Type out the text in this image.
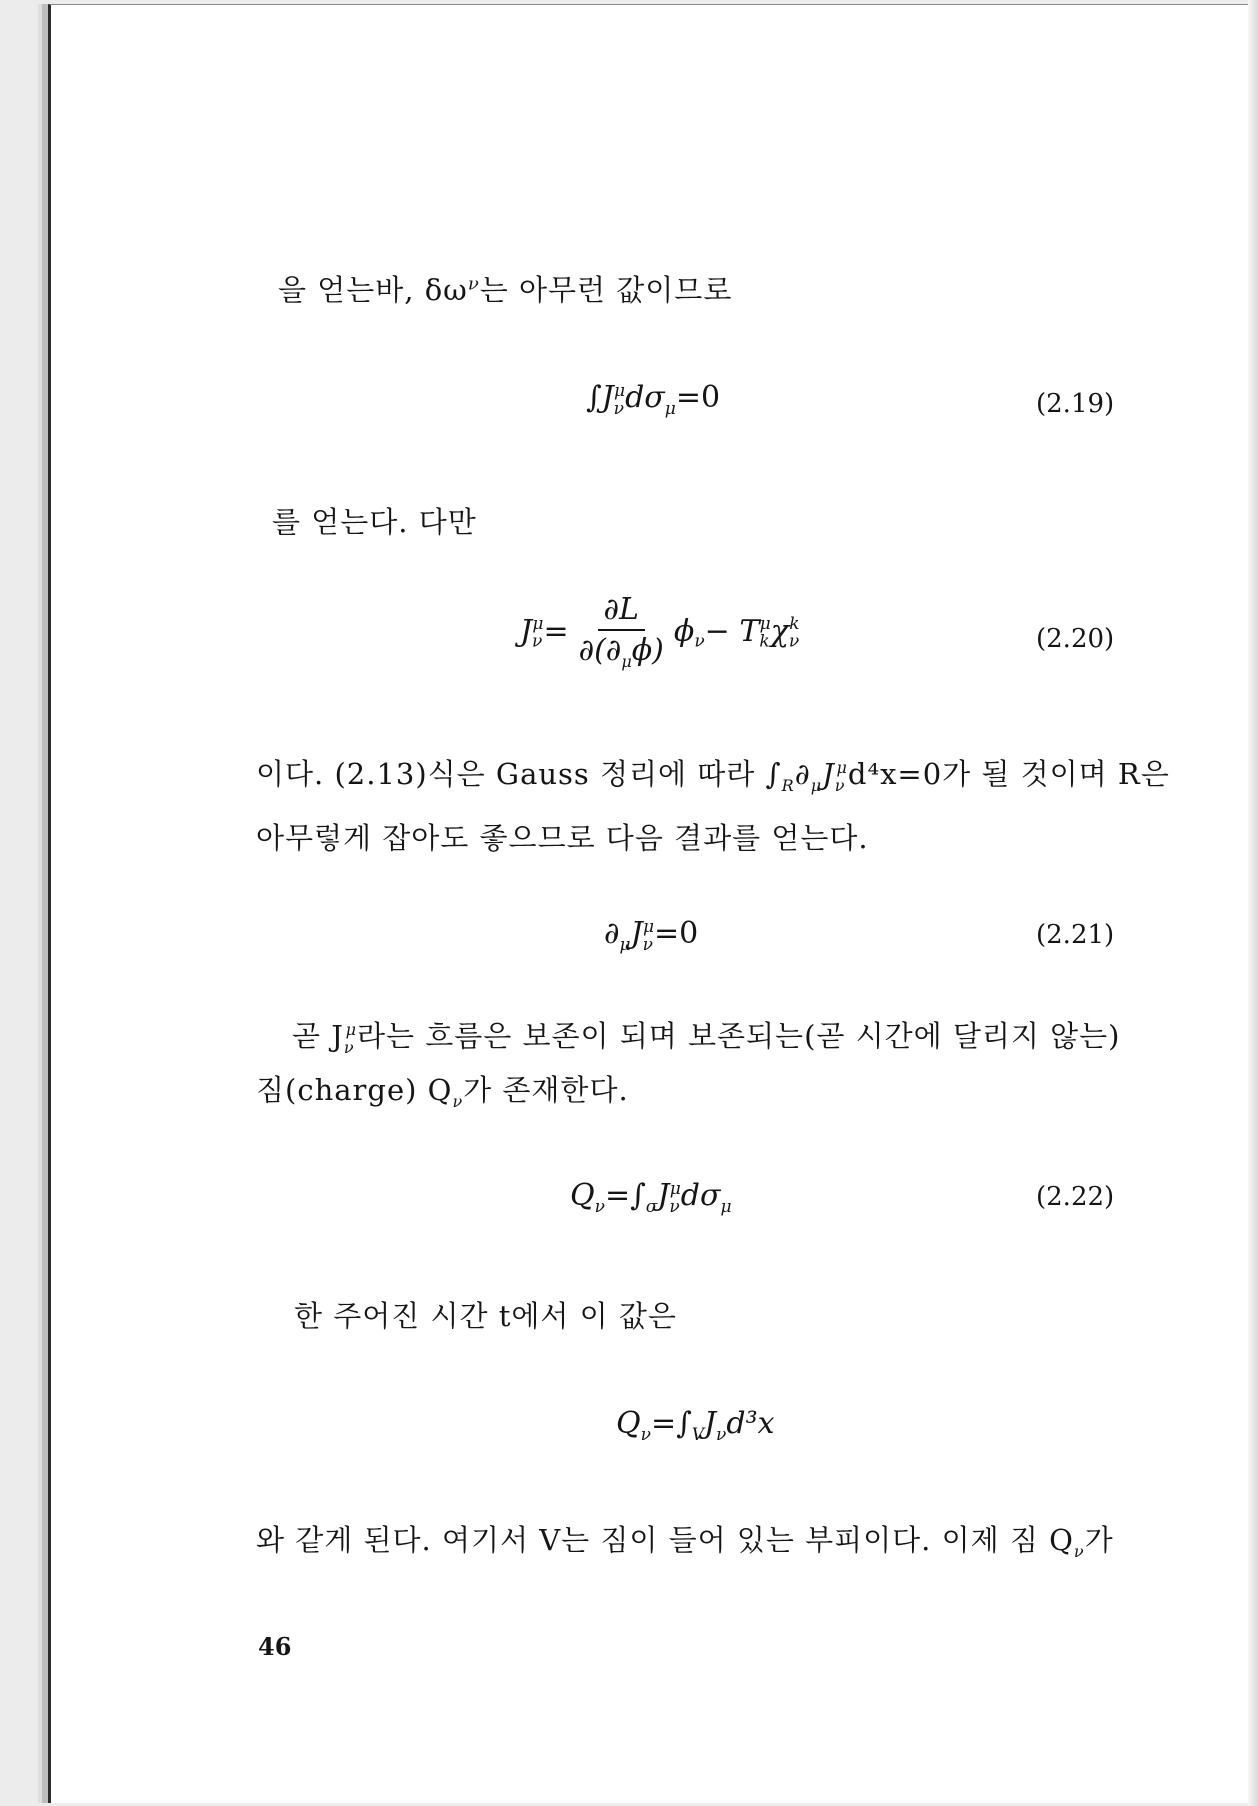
을 얻는바, $\delta\omega^\nu$는 아무런 값이므로
$\int J_\nu^\mu d\sigma_\mu=0$	(2.19)
를 얻는다. 다만
$J_\nu^\mu= \frac{\partial L}{\partial(\partial_\mu\phi)} \phi_\nu- T_k^\mu\chi_\nu^k$
(2.20)
이다. (2.13)식은 Gauss 정리에 따라 $\int_R\partial_\mu J_\nu^\mu d^4x=0$가 될 것이며 R은
아무렇게 잡아도 좋으므로 다음 결과를 얻는다.
$\partial_\mu J_\nu^\mu=0$	(2.21)
곧 $J_\nu^\mu$라는 흐름은 보존이 되며 보존되는(곧 시간에 달리지 않는)
짐(charge) $Q_\nu$가 존재한다.
$Q_\nu=\int_\sigma J_\nu^\mu d\sigma_\mu$	(2.22)
한 주어진 시간 t에서 이 값은
$Q_\nu=\int_VJ_\nu d^3x$
와 같게 된다. 여기서 V는 짐이 들어 있는 부피이다. 이제 짐 $Q_\nu$가
46
